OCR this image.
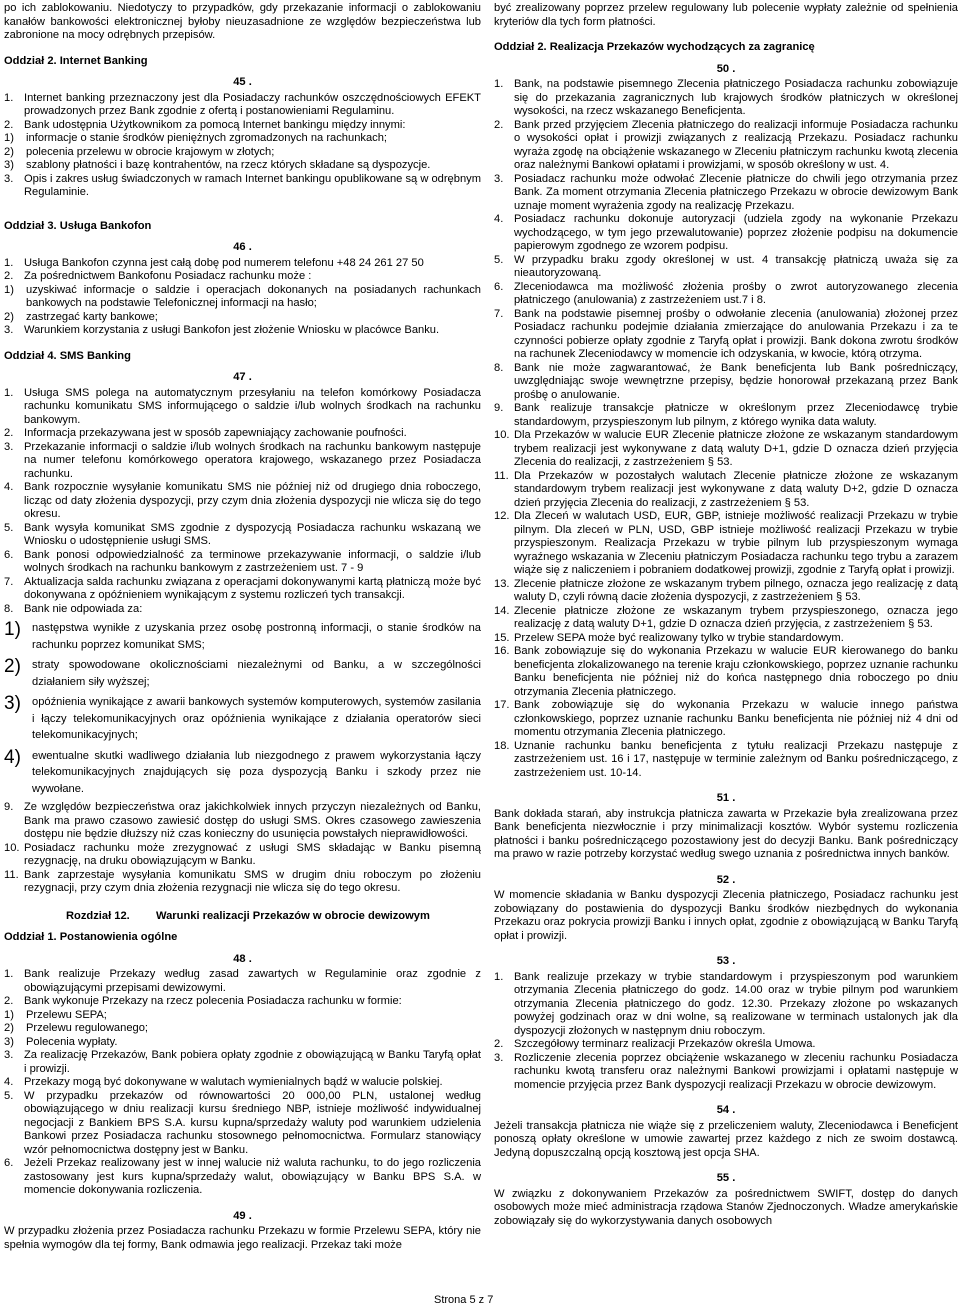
po ich zablokowaniu. Niedotyczy to przypadków, gdy przekazanie informacji o zablokowaniu kanałów bankowości elektronicznej byłoby nieuzasadnione ze względów bezpieczeństwa lub zabronione na mocy odrębnych przepisów.

Oddział 2. Internet Banking
45 .
1. Internet banking przeznaczony jest dla Posiadaczy rachunków oszczędnościowych EFEKT prowadzonych przez Bank zgodnie z ofertą i postanowieniami Regulaminu.
2. Bank udostępnia Użytkownikom za pomocą Internet bankingu między innymi:
1)	informacje o stanie środków pieniężnych zgromadzonych na rachunkach;
2)	polecenia przelewu w obrocie krajowym w złotych;
3)	szablony płatności i bazę kontrahentów, na rzecz których składane są dyspozycje.
3. Opis i zakres usług świadczonych w ramach Internet bankingu opublikowane są w odrębnym Regulaminie.
Oddział 3. Usługa Bankofon
46 .
1. Usługa Bankofon czynna jest całą dobę pod numerem telefonu +48 24 261 27 50
2. Za pośrednictwem Bankofonu Posiadacz rachunku może :
1)	uzyskiwać informacje o saldzie i operacjach dokonanych na posiadanych rachunkach bankowych na podstawie Telefonicznej informacji na hasło;
2)	zastrzegać karty bankowe;
3. Warunkiem korzystania z usługi Bankofon jest złożenie Wniosku w placówce Banku.
Oddział 4. SMS Banking
47 .
1. Usługa SMS polega na automatycznym przesyłaniu na telefon komórkowy Posiadacza rachunku komunikatu SMS informującego o saldzie i/lub wolnych środkach na rachunku bankowym.
2. Informacja przekazywana jest w sposób zapewniający zachowanie poufności.
3. Przekazanie informacji o saldzie i/lub wolnych środkach na rachunku bankowym następuje na numer telefonu komórkowego operatora krajowego, wskazanego przez Posiadacza rachunku.
4. Bank rozpocznie wysyłanie komunikatu SMS nie później niż od drugiego dnia roboczego, licząc od daty złożenia dyspozycji, przy czym dnia złożenia dyspozycji nie wlicza się do tego okresu.
5. Bank wysyła komunikat SMS zgodnie z dyspozycją Posiadacza rachunku wskazaną we Wniosku o udostępnienie usługi SMS.
6. Bank ponosi odpowiedzialność za terminowe przekazywanie informacji, o saldzie i/lub wolnych środkach na rachunku bankowym z zastrzeżeniem ust. 7 - 9
7. Aktualizacja salda rachunku związana z operacjami dokonywanymi kartą płatniczą może być dokonywana z opóźnieniem wynikającym z systemu rozliczeń tych transakcji.
8. Bank nie odpowiada za:
1) następstwa wynikłe z uzyskania przez osobę postronną informacji, o stanie środków na rachunku poprzez komunikat SMS;
2) straty spowodowane okolicznościami niezależnymi od Banku, a w szczególności działaniem siły wyższej;
3) opóźnienia wynikające z awarii bankowych systemów komputerowych, systemów zasilania i łączy telekomunikacyjnych oraz opóźnienia wynikające z działania operatorów sieci telekomunikacyjnych;
4) ewentualne skutki wadliwego działania lub niezgodnego z prawem wykorzystania łączy telekomunikacyjnych znajdujących się poza dyspozycją Banku i szkody przez nie wywołane.
9. Ze względów bezpieczeństwa oraz jakichkolwiek innych przyczyn niezależnych od Banku, Bank ma prawo czasowo zawiesić dostęp do usługi SMS. Okres czasowego zawieszenia dostępu nie będzie dłuższy niż czas konieczny do usunięcia powstałych nieprawidłowości.
10. Posiadacz rachunku może zrezygnować z usługi SMS składając w Banku pisemną rezygnację, na druku obowiązującym w Banku.
11. Bank zaprzestaje wysyłania komunikatu SMS w drugim dniu roboczym po złożeniu rezygnacji, przy czym dnia złożenia rezygnacji nie wlicza się do tego okresu.
Rozdział 12.	Warunki realizacji Przekazów w obrocie dewizowym
Oddział 1. Postanowienia ogólne
48 .
1. Bank realizuje Przekazy według zasad zawartych w Regulaminie oraz zgodnie z obowiązującymi przepisami dewizowymi.
2. Bank wykonuje Przekazy na rzecz polecenia Posiadacza rachunku w formie:
1)	Przelewu SEPA;
2)	Przelewu regulowanego;
3)	Polecenia wypłaty.
3. Za realizację Przekazów, Bank pobiera opłaty zgodnie z obowiązującą w Banku Taryfą opłat i prowizji.
4. Przekazy mogą być dokonywane w walutach wymienialnych bądź w walucie polskiej.
5. W przypadku przekazów od równowartości 20 000,00 PLN, ustalonej według obowiązującego w dniu realizacji kursu średniego NBP, istnieje możliwość indywidualnej negocjacji z Bankiem BPS S.A. kursu kupna/sprzedaży waluty pod warunkiem udzielenia Bankowi przez Posiadacza rachunku stosownego pełnomocnictwa. Formularz stanowiący wzór pełnomocnictwa dostępny jest w Banku.
6. Jeżeli Przekaz realizowany jest w innej walucie niż waluta rachunku, to do jego rozliczenia zastosowany jest kurs kupna/sprzedaży walut, obowiązujący w Banku BPS S.A. w momencie dokonywania rozliczenia.
49 .

W przypadku złożenia przez Posiadacza rachunku Przekazu w formie Przelewu SEPA, który nie spełnia wymogów dla tej formy, Bank odmawia jego realizacji. Przekaz taki może

być zrealizowany poprzez przelew regulowany lub polecenie wypłaty zależnie od spełnienia kryteriów dla tych form płatności.

Oddział 2. Realizacja Przekazów wychodzących za zagranicę
50 .
1. Bank, na podstawie pisemnego Zlecenia płatniczego Posiadacza rachunku zobowiązuje się do przekazania zagranicznych lub krajowych środków płatniczych w określonej wysokości, na rzecz wskazanego Beneficjenta.
2. Bank przed przyjęciem Zlecenia płatniczego do realizacji informuje Posiadacza rachunku o wysokości opłat i prowizji związanych z realizacją Przekazu. Posiadacz rachunku wyraża zgodę na obciążenie wskazanego w Zleceniu płatniczym rachunku kwotą zlecenia oraz należnymi Bankowi opłatami i prowizjami, w sposób określony w ust. 4.
3. Posiadacz rachunku może odwołać Zlecenie płatnicze do chwili jego otrzymania przez Bank. Za moment otrzymania Zlecenia płatniczego Przekazu w obrocie dewizowym Bank uznaje moment wyrażenia zgody na realizację Przekazu.
4. Posiadacz rachunku dokonuje autoryzacji (udziela zgody na wykonanie Przekazu wychodzącego, w tym jego przewalutowanie) poprzez złożenie podpisu na dokumencie papierowym zgodnego ze wzorem podpisu.
5. W przypadku braku zgody określonej w ust. 4 transakcję płatniczą uważa się za nieautoryzowaną.
6. Zleceniodawca ma możliwość złożenia prośby o zwrot autoryzowanego zlecenia płatniczego (anulowania) z zastrzeżeniem ust.7 i 8.
7. Bank na podstawie pisemnej prośby o odwołanie zlecenia (anulowania) złożonej przez Posiadacz rachunku podejmie działania zmierzające do anulowania Przekazu i za te czynności pobierze opłaty zgodnie z Taryfą opłat i prowizji. Bank dokona zwrotu środków na rachunek Zleceniodawcy w momencie ich odzyskania, w kwocie, którą otrzyma.
8. Bank nie może zagwarantować, że Bank beneficjenta lub Bank pośredniczący, uwzględniając swoje wewnętrzne przepisy, będzie honorował przekazaną przez Bank prośbę o anulowanie.
9. Bank realizuje transakcje płatnicze w określonym przez Zleceniodawcę trybie standardowym, przyspieszonym lub pilnym, z którego wynika data waluty.
10. Dla Przekazów w walucie EUR Zlecenie płatnicze złożone ze wskazanym standardowym trybem realizacji jest wykonywane z datą waluty D+1, gdzie D oznacza dzień przyjęcia Zlecenia do realizacji, z zastrzeżeniem § 53.
11. Dla Przekazów w pozostałych walutach Zlecenie płatnicze złożone ze wskazanym standardowym trybem realizacji jest wykonywane z datą waluty D+2, gdzie D oznacza dzień przyjęcia Zlecenia do realizacji, z zastrzeżeniem § 53.
12. Dla Zleceń w walutach USD, EUR, GBP, istnieje możliwość realizacji Przekazu w trybie pilnym. Dla zleceń w PLN, USD, GBP istnieje możliwość realizacji Przekazu w trybie przyspieszonym. Realizacja Przekazu w trybie pilnym lub przyspieszonym wymaga wyraźnego wskazania w Zleceniu płatniczym Posiadacza rachunku tego trybu a zarazem wiąże się z naliczeniem i pobraniem dodatkowej prowizji, zgodnie z Taryfą opłat i prowizji.
13. Zlecenie płatnicze złożone ze wskazanym trybem pilnego, oznacza jego realizację z datą waluty D, czyli równą dacie złożenia dyspozycji, z zastrzeżeniem § 53.
14. Zlecenie płatnicze złożone ze wskazanym trybem przyspieszonego, oznacza jego realizację z datą waluty D+1, gdzie D oznacza dzień przyjęcia, z zastrzeżeniem § 53.
15. Przelew SEPA może być realizowany tylko w trybie standardowym.
16. Bank zobowiązuje się do wykonania Przekazu w walucie EUR kierowanego do banku beneficjenta zlokalizowanego na terenie kraju członkowskiego, poprzez uznanie rachunku Banku beneficjenta nie później niż do końca następnego dnia roboczego po dniu otrzymania Zlecenia płatniczego.
17. Bank zobowiązuje się do wykonania Przekazu w walucie innego państwa członkowskiego, poprzez uznanie rachunku Banku beneficjenta nie później niż 4 dni od momentu otrzymania Zlecenia płatniczego.
18. Uznanie rachunku banku beneficjenta z tytułu realizacji Przekazu następuje z zastrzeżeniem ust. 16 i 17, następuje w terminie zależnym od Banku pośredniczącego, z zastrzeżeniem ust. 10-14.
51 .

Bank dokłada starań, aby instrukcja płatnicza zawarta w Przekazie była zrealizowana przez Bank beneficjenta niezwłocznie i przy minimalizacji kosztów. Wybór systemu rozliczenia płatności i banku pośredniczącego pozostawiony jest do decyzji Banku. Bank pośredniczący ma prawo w razie potrzeby korzystać według swego uznania z pośrednictwa innych banków.

52 .

W momencie składania w Banku dyspozycji Zlecenia płatniczego, Posiadacz rachunku jest zobowiązany do postawienia do dyspozycji Banku środków niezbędnych do wykonania Przekazu oraz pokrycia prowizji Banku i innych opłat, zgodnie z obowiązującą w Banku Taryfą opłat i prowizji.

53 .
1. Bank realizuje przekazy w trybie standardowym i przyspieszonym pod warunkiem otrzymania Zlecenia płatniczego do godz. 14.00 oraz w trybie pilnym pod warunkiem otrzymania Zlecenia płatniczego do godz. 12.30. Przekazy złożone po wskazanych powyżej godzinach oraz w dni wolne, są realizowane w terminach ustalonych jak dla dyspozycji złożonych w następnym dniu roboczym.
2. Szczegółowy terminarz realizacji Przekazów określa Umowa.
3. Rozliczenie zlecenia poprzez obciążenie wskazanego w zleceniu rachunku Posiadacza rachunku kwotą transferu oraz należnymi Bankowi prowizjami i opłatami następuje w momencie przyjęcia przez Bank dyspozycji realizacji Przekazu w obrocie dewizowym.
54 .

Jeżeli transakcja płatnicza nie wiąże się z przeliczeniem waluty, Zleceniodawca i Beneficjent ponoszą opłaty określone w umowie zawartej przez każdego z nich ze swoim dostawcą. Jedyną dopuszczalną opcją kosztową jest opcja SHA.

55 .

W związku z dokonywaniem Przekazów za pośrednictwem SWIFT, dostęp do danych osobowych może mieć administracja rządowa Stanów Zjednoczonych. Władze amerykańskie zobowiązały się do wykorzystywania danych osobowych

Strona 5 z 7
